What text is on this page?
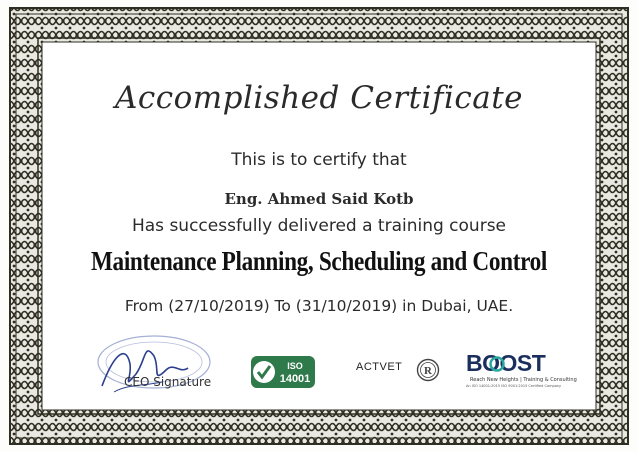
Accomplished Certificate
This is to certify that
Eng. Ahmed Said Kotb
Has successfully delivered a training course
Maintenance Planning, Scheduling and Control
From (27/10/2019) To (31/10/2019) in Dubai, UAE.
CEO Signature
ISO
14001
ACTVET R BOOST
Reach New Heights | Training & Consulting
An ISO 14001:2015 ISO 9001:2015 Certified Company
